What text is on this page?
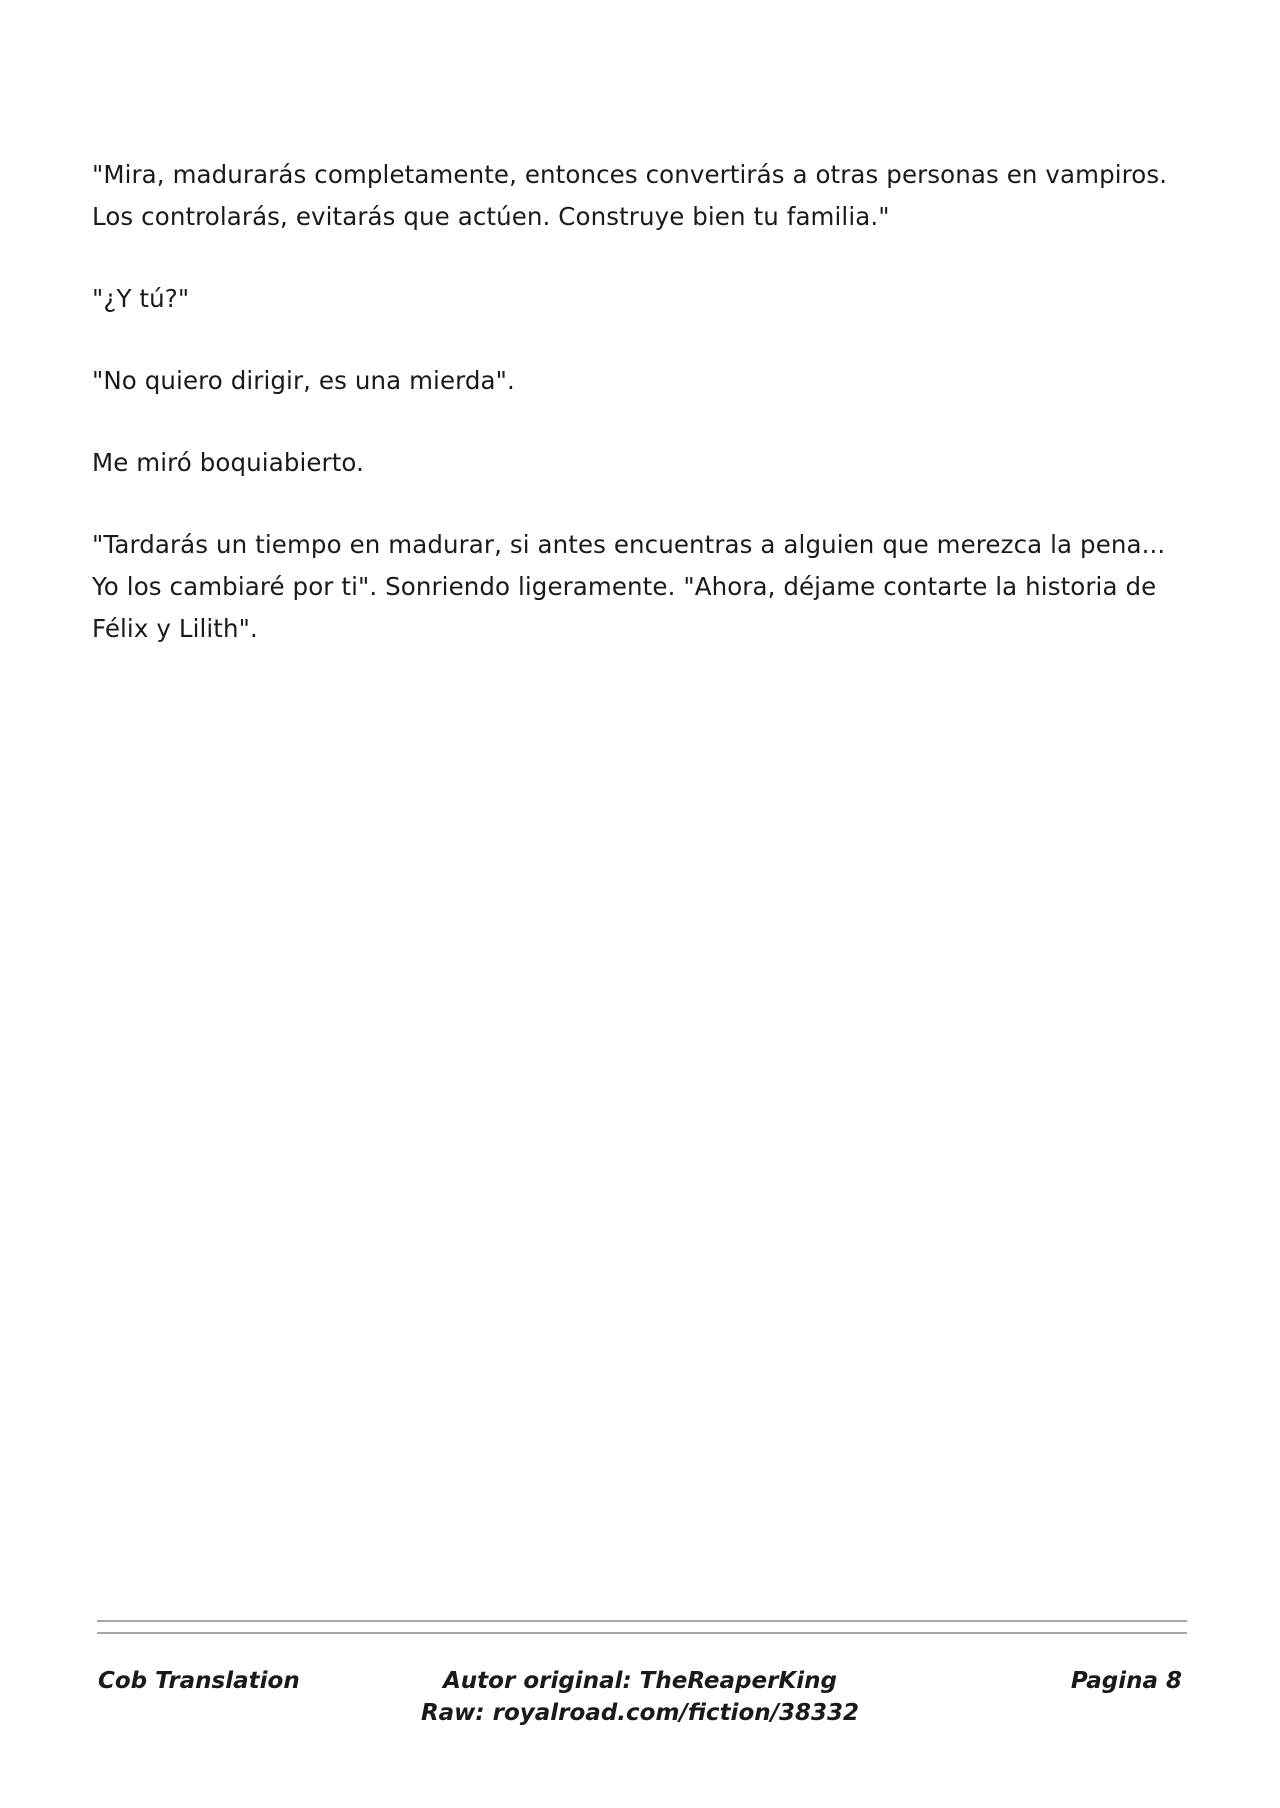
"Mira, madurarás completamente, entonces convertirás a otras personas en vampiros. Los controlarás, evitarás que actúen. Construye bien tu familia."

"¿Y tú?"

"No quiero dirigir, es una mierda".

Me miró boquiabierto.

"Tardarás un tiempo en madurar, si antes encuentras a alguien que merezca la pena... Yo los cambiaré por ti". Sonriendo ligeramente. "Ahora, déjame contarte la historia de Félix y Lilith".

Cob Translation	Autor original: TheReaperKing
Raw: royalroad.com/fiction/38332
Pagina 8
